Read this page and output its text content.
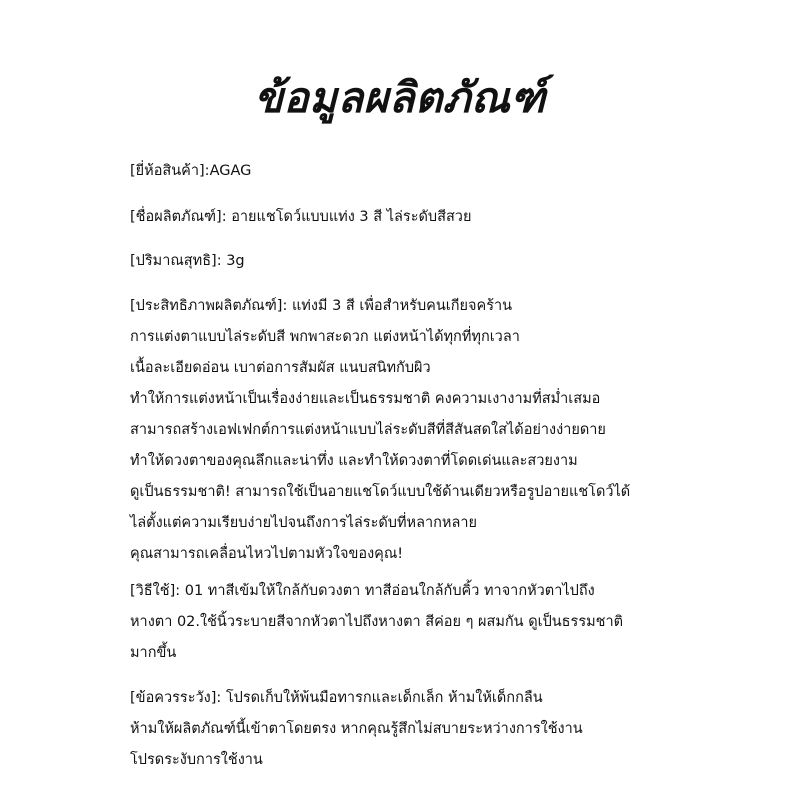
ข้อมูลผลิตภัณฑ์
[ยี่ห้อสินค้า]:AGAG
[ชื่อผลิตภัณฑ์]: อายแชโดว์แบบแท่ง 3 สี ไล่ระดับสีสวย
[ปริมาณสุทธิ]: 3g
[ประสิทธิภาพผลิตภัณฑ์]: แท่งมี 3 สี เพื่อสำหรับคนเกียจคร้าน
การแต่งตาแบบไล่ระดับสี พกพาสะดวก แต่งหน้าได้ทุกที่ทุกเวลา
เนื้อละเอียดอ่อน เบาต่อการสัมผัส แนบสนิทกับผิว
ทำให้การแต่งหน้าเป็นเรื่องง่ายและเป็นธรรมชาติ คงความเงางามที่สม่ำเสมอ
สามารถสร้างเอฟเฟกต์การแต่งหน้าแบบไล่ระดับสีที่สีสันสดใสได้อย่างง่ายดาย
ทำให้ดวงตาของคุณลึกและน่าทึ่ง และทำให้ดวงตาที่โดดเด่นและสวยงาม
ดูเป็นธรรมชาติ! สามารถใช้เป็นอายแชโดว์แบบใช้ด้านเดียวหรือรูปอายแชโดว์ได้
ไล่ตั้งแต่ความเรียบง่ายไปจนถึงการไล่ระดับที่หลากหลาย
คุณสามารถเคลื่อนไหวไปตามหัวใจของคุณ!
[วิธีใช้]: 01 ทาสีเข้มให้ใกล้กับดวงตา ทาสีอ่อนใกล้กับคิ้ว ทาจากหัวตาไปถึง
หางตา 02.ใช้นิ้วระบายสีจากหัวตาไปถึงหางตา สีค่อย ๆ ผสมกัน ดูเป็นธรรมชาติ
มากขึ้น
[ข้อควรระวัง]: โปรดเก็บให้พ้นมือทารกและเด็กเล็ก ห้ามให้เด็กกลืน
ห้ามให้ผลิตภัณฑ์นี้เข้าตาโดยตรง หากคุณรู้สึกไม่สบายระหว่างการใช้งาน
โปรดระงับการใช้งาน
